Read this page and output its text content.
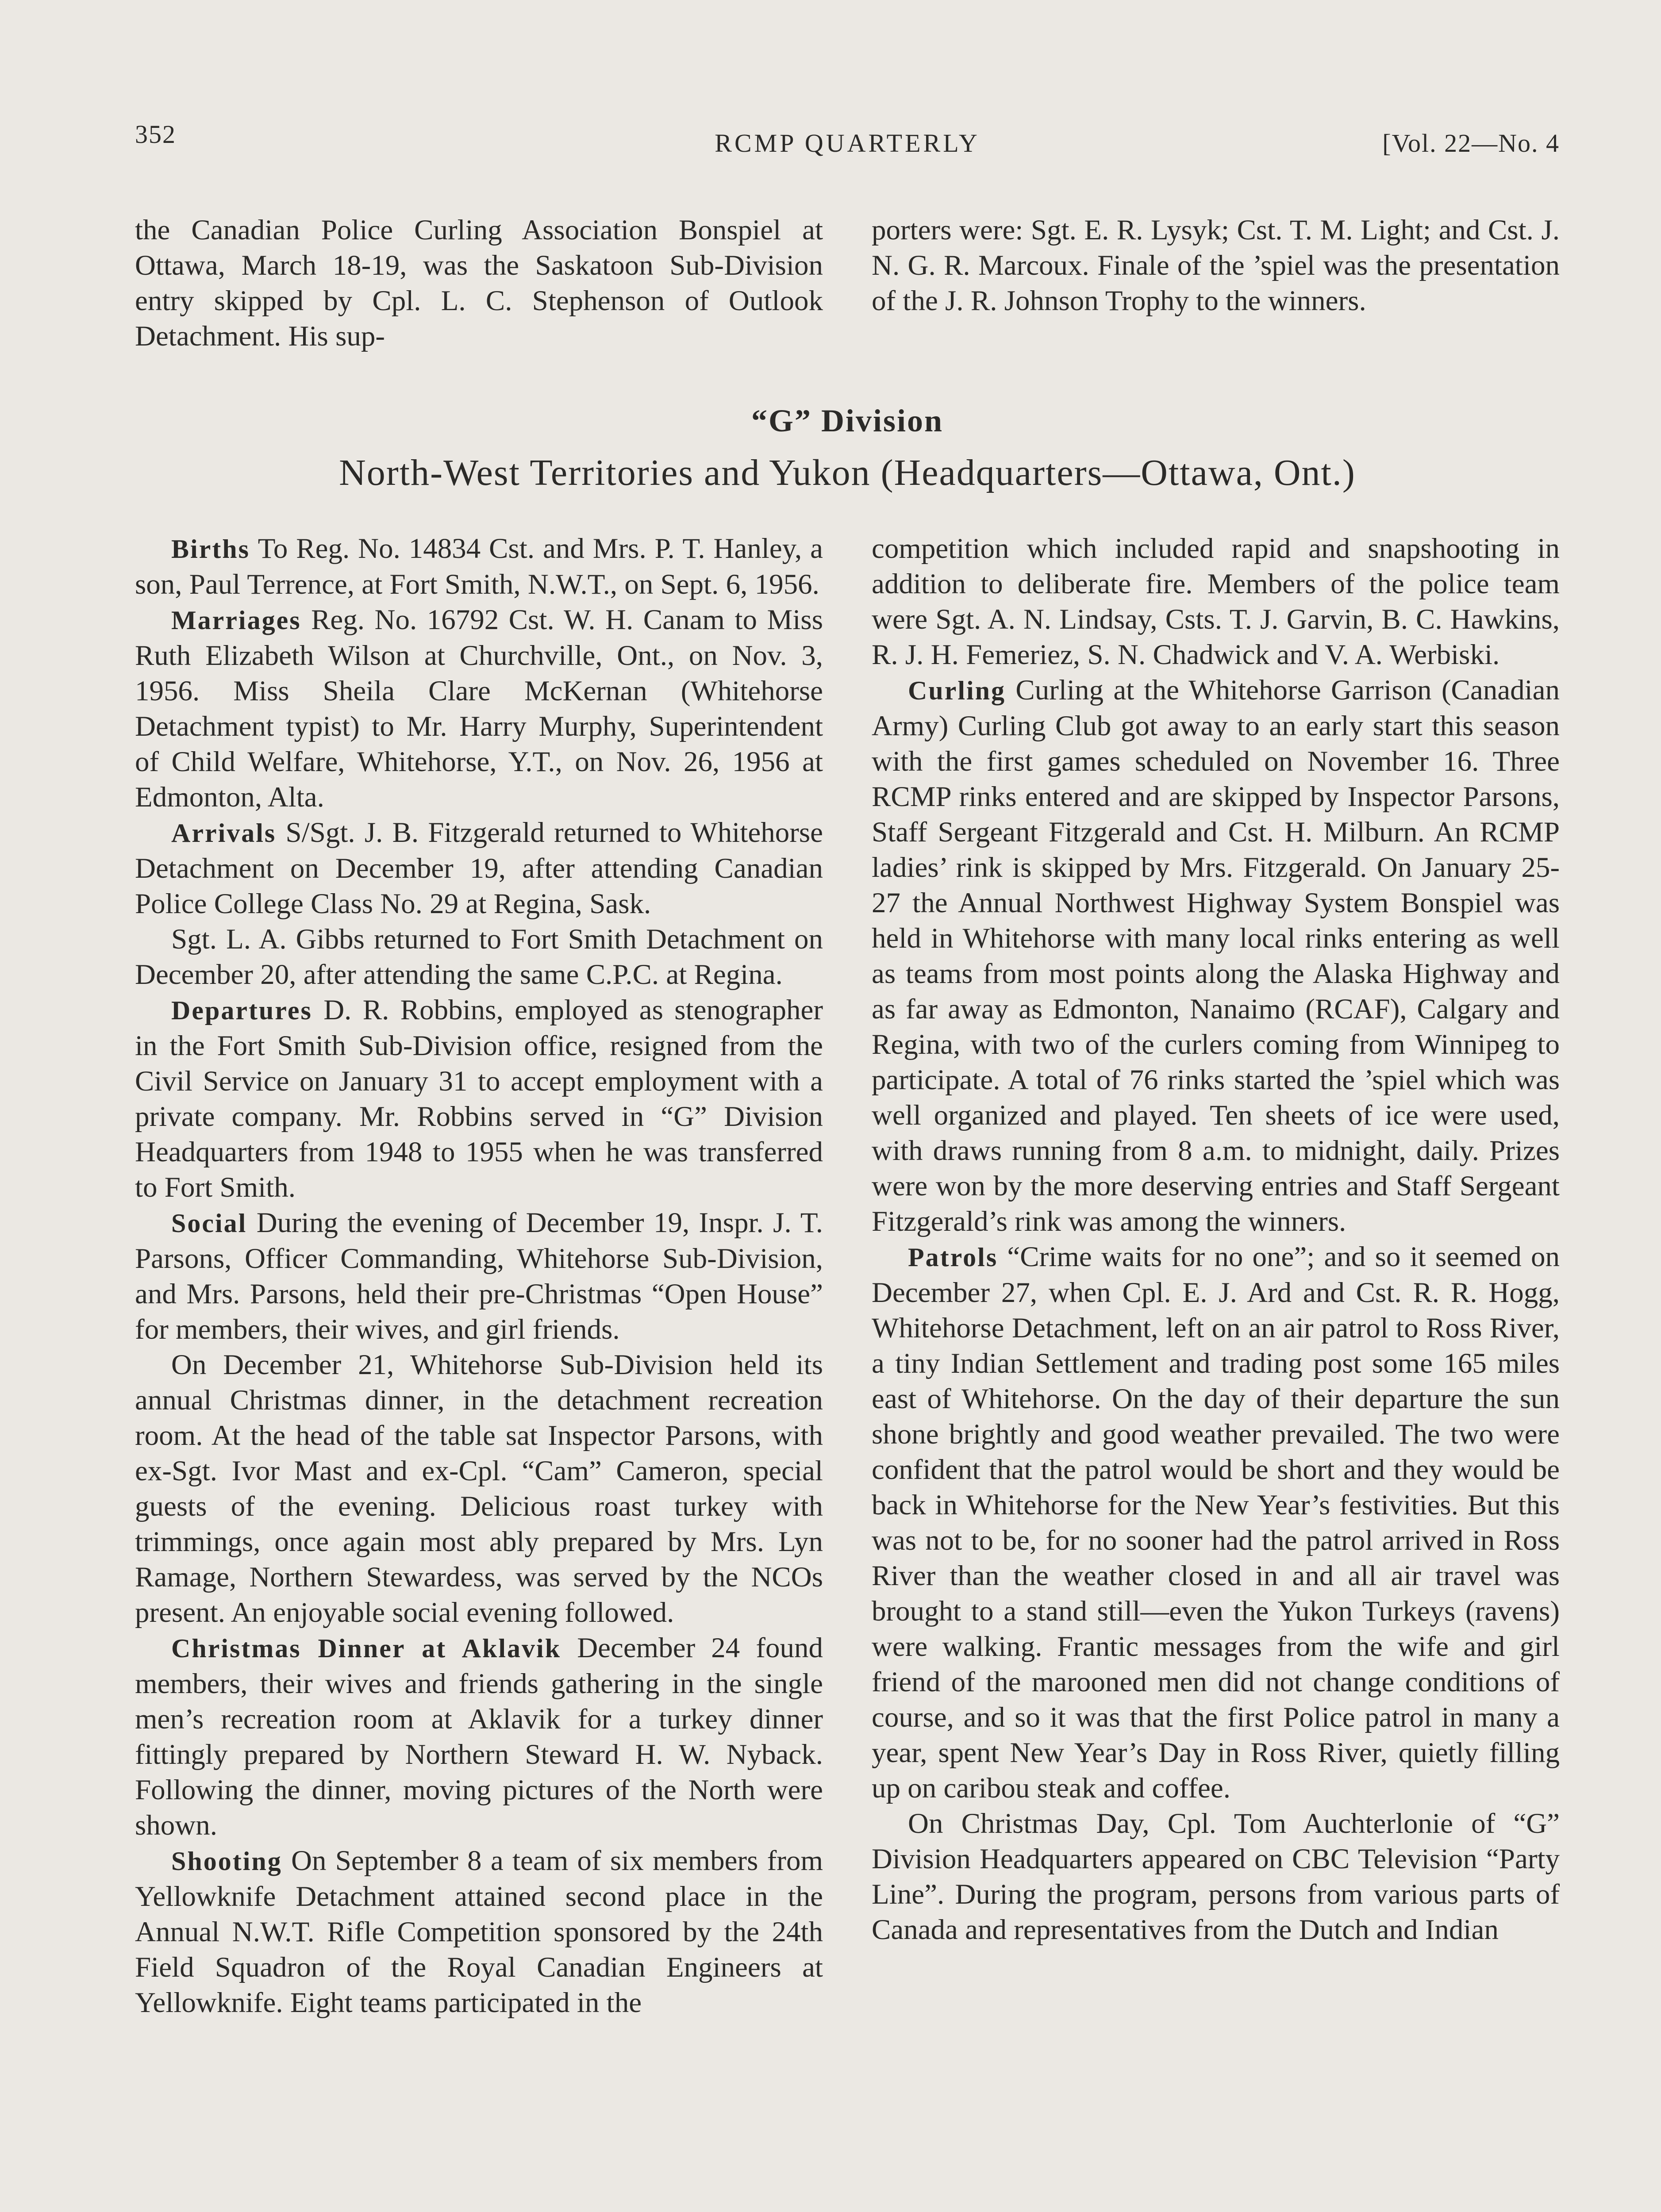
352	RCMP QUARTERLY	[Vol. 22—No. 4

the Canadian Police Curling Association Bonspiel at Ottawa, March 18-19, was the Saskatoon Sub-Division entry skipped by Cpl. L. C. Stephenson of Outlook Detachment. His sup-

porters were: Sgt. E. R. Lysyk; Cst. T. M. Light; and Cst. J. N. G. R. Marcoux. Finale of the ’spiel was the presentation of the J. R. Johnson Trophy to the winners.

“G” Division
North-West Territories and Yukon (Headquarters—Ottawa, Ont.)

Births To Reg. No. 14834 Cst. and Mrs. P. T. Hanley, a son, Paul Terrence, at Fort Smith, N.W.T., on Sept. 6, 1956.

Marriages Reg. No. 16792 Cst. W. H. Canam to Miss Ruth Elizabeth Wilson at Churchville, Ont., on Nov. 3, 1956. Miss Sheila Clare McKernan (Whitehorse Detachment typist) to Mr. Harry Murphy, Superintendent of Child Welfare, Whitehorse, Y.T., on Nov. 26, 1956 at Edmonton, Alta.

Arrivals S/Sgt. J. B. Fitzgerald returned to Whitehorse Detachment on December 19, after attending Canadian Police College Class No. 29 at Regina, Sask.

Sgt. L. A. Gibbs returned to Fort Smith Detachment on December 20, after attending the same C.P.C. at Regina.

Departures D. R. Robbins, employed as stenographer in the Fort Smith Sub-Division office, resigned from the Civil Service on January 31 to accept employment with a private company. Mr. Robbins served in “G” Division Headquarters from 1948 to 1955 when he was transferred to Fort Smith.

Social During the evening of December 19, Inspr. J. T. Parsons, Officer Commanding, Whitehorse Sub-Division, and Mrs. Parsons, held their pre-Christmas “Open House” for members, their wives, and girl friends.

On December 21, Whitehorse Sub-Division held its annual Christmas dinner, in the detachment recreation room. At the head of the table sat Inspector Parsons, with ex-Sgt. Ivor Mast and ex-Cpl. “Cam” Cameron, special guests of the evening. Delicious roast turkey with trimmings, once again most ably prepared by Mrs. Lyn Ramage, Northern Stewardess, was served by the NCOs present. An enjoyable social evening followed.

Christmas Dinner at Aklavik December 24 found members, their wives and friends gathering in the single men’s recreation room at Aklavik for a turkey dinner fittingly prepared by Northern Steward H. W. Nyback. Following the dinner, moving pictures of the North were shown.

Shooting On September 8 a team of six members from Yellowknife Detachment attained second place in the Annual N.W.T. Rifle Competition sponsored by the 24th Field Squadron of the Royal Canadian Engineers at Yellowknife. Eight teams participated in the

competition which included rapid and snapshooting in addition to deliberate fire. Members of the police team were Sgt. A. N. Lindsay, Csts. T. J. Garvin, B. C. Hawkins, R. J. H. Femeriez, S. N. Chadwick and V. A. Werbiski.

Curling Curling at the Whitehorse Garrison (Canadian Army) Curling Club got away to an early start this season with the first games scheduled on November 16. Three RCMP rinks entered and are skipped by Inspector Parsons, Staff Sergeant Fitzgerald and Cst. H. Milburn. An RCMP ladies’ rink is skipped by Mrs. Fitzgerald. On January 25-27 the Annual Northwest Highway System Bonspiel was held in Whitehorse with many local rinks entering as well as teams from most points along the Alaska Highway and as far away as Edmonton, Nanaimo (RCAF), Calgary and Regina, with two of the curlers coming from Winnipeg to participate. A total of 76 rinks started the ’spiel which was well organized and played. Ten sheets of ice were used, with draws running from 8 a.m. to midnight, daily. Prizes were won by the more deserving entries and Staff Sergeant Fitzgerald’s rink was among the winners.

Patrols “Crime waits for no one”; and so it seemed on December 27, when Cpl. E. J. Ard and Cst. R. R. Hogg, Whitehorse Detachment, left on an air patrol to Ross River, a tiny Indian Settlement and trading post some 165 miles east of Whitehorse. On the day of their departure the sun shone brightly and good weather prevailed. The two were confident that the patrol would be short and they would be back in Whitehorse for the New Year’s festivities. But this was not to be, for no sooner had the patrol arrived in Ross River than the weather closed in and all air travel was brought to a stand still—even the Yukon Turkeys (ravens) were walking. Frantic messages from the wife and girl friend of the marooned men did not change conditions of course, and so it was that the first Police patrol in many a year, spent New Year’s Day in Ross River, quietly filling up on caribou steak and coffee.

On Christmas Day, Cpl. Tom Auchterlonie of “G” Division Headquarters appeared on CBC Television “Party Line”. During the program, persons from various parts of Canada and representatives from the Dutch and Indian
